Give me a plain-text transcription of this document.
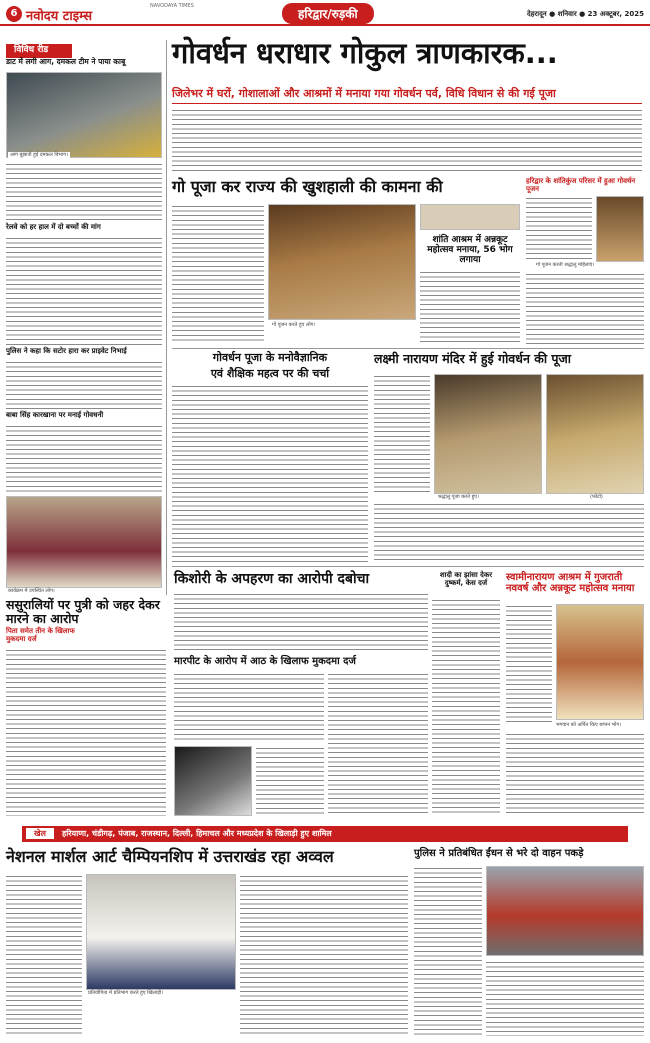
6 नवोदय टाइम्स
NAVODAYA TIMES
हरिद्वार/रुड़की	देहरादून ● शनिवार ● 23 अक्टूबर, 2025
विविध रीड
डाट में लगी आग, दमकल टीम ने पाया काबू
आग बुझाती हुई दमकल विभाग।
रेलवे को हर हाल में दो बच्चों की मांग
पुलिस ने कहा कि सटोर हारा कर प्राइवेट निभाई
बाबा सिंह कारखाना पर मनाई गोवधनी
कार्यक्रम में उपस्थित लोग।
गोवर्धन धराधार गोकुल त्राणकारक...
जिलेभर में घरों, गोशालाओं और आश्रमों में मनाया गया गोवर्धन पर्व, विधि विधान से की गई पूजा
गो पूजा कर राज्य की खुशहाली की कामना की
गो पूजन करते हुए लोग।
शांति आश्रम में अन्नकूट महोत्सव मनाया, 56 भोग लगाया
हरिद्वार के शांतिकुंज परिसर में हुआ गोवर्धन पूजन
गो पूजन करती श्रद्धालु महिलाएं।
गोवर्धन पूजा के मनोवैज्ञानिक
एवं शैक्षिक महत्व पर की चर्चा
लक्ष्मी नारायण मंदिर में हुई गोवर्धन की पूजा
श्रद्धालु पूजा करते हुए।	(फोटो)
ससुरालियों पर पुत्री को जहर देकर मारने का आरोप
पिता समेत तीन के खिलाफ मुकदमा दर्ज
किशोरी के अपहरण का आरोपी दबोचा
मारपीट के आरोप में आठ के खिलाफ मुकदमा दर्ज
शादी का झांसा देकर दुष्कर्म, केस दर्ज	स्वामीनारायण आश्रम में गुजराती नववर्ष और अन्नकूट महोत्सव मनाया
भगवान को अर्पित किए छप्पन भोग।
खेल हरियाणा, चंडीगढ़, पंजाब, राजस्थान, दिल्ली, हिमाचल और मध्यप्रदेश के खिलाड़ी हुए शामिल
नेशनल मार्शल आर्ट चैम्पियनशिप में उत्तराखंड रहा अव्वल
प्रतियोगिता में प्रतिभाग करते हुए खिलाड़ी।
पुलिस ने प्रतिबंधित ईंधन से भरे दो वाहन पकड़े
